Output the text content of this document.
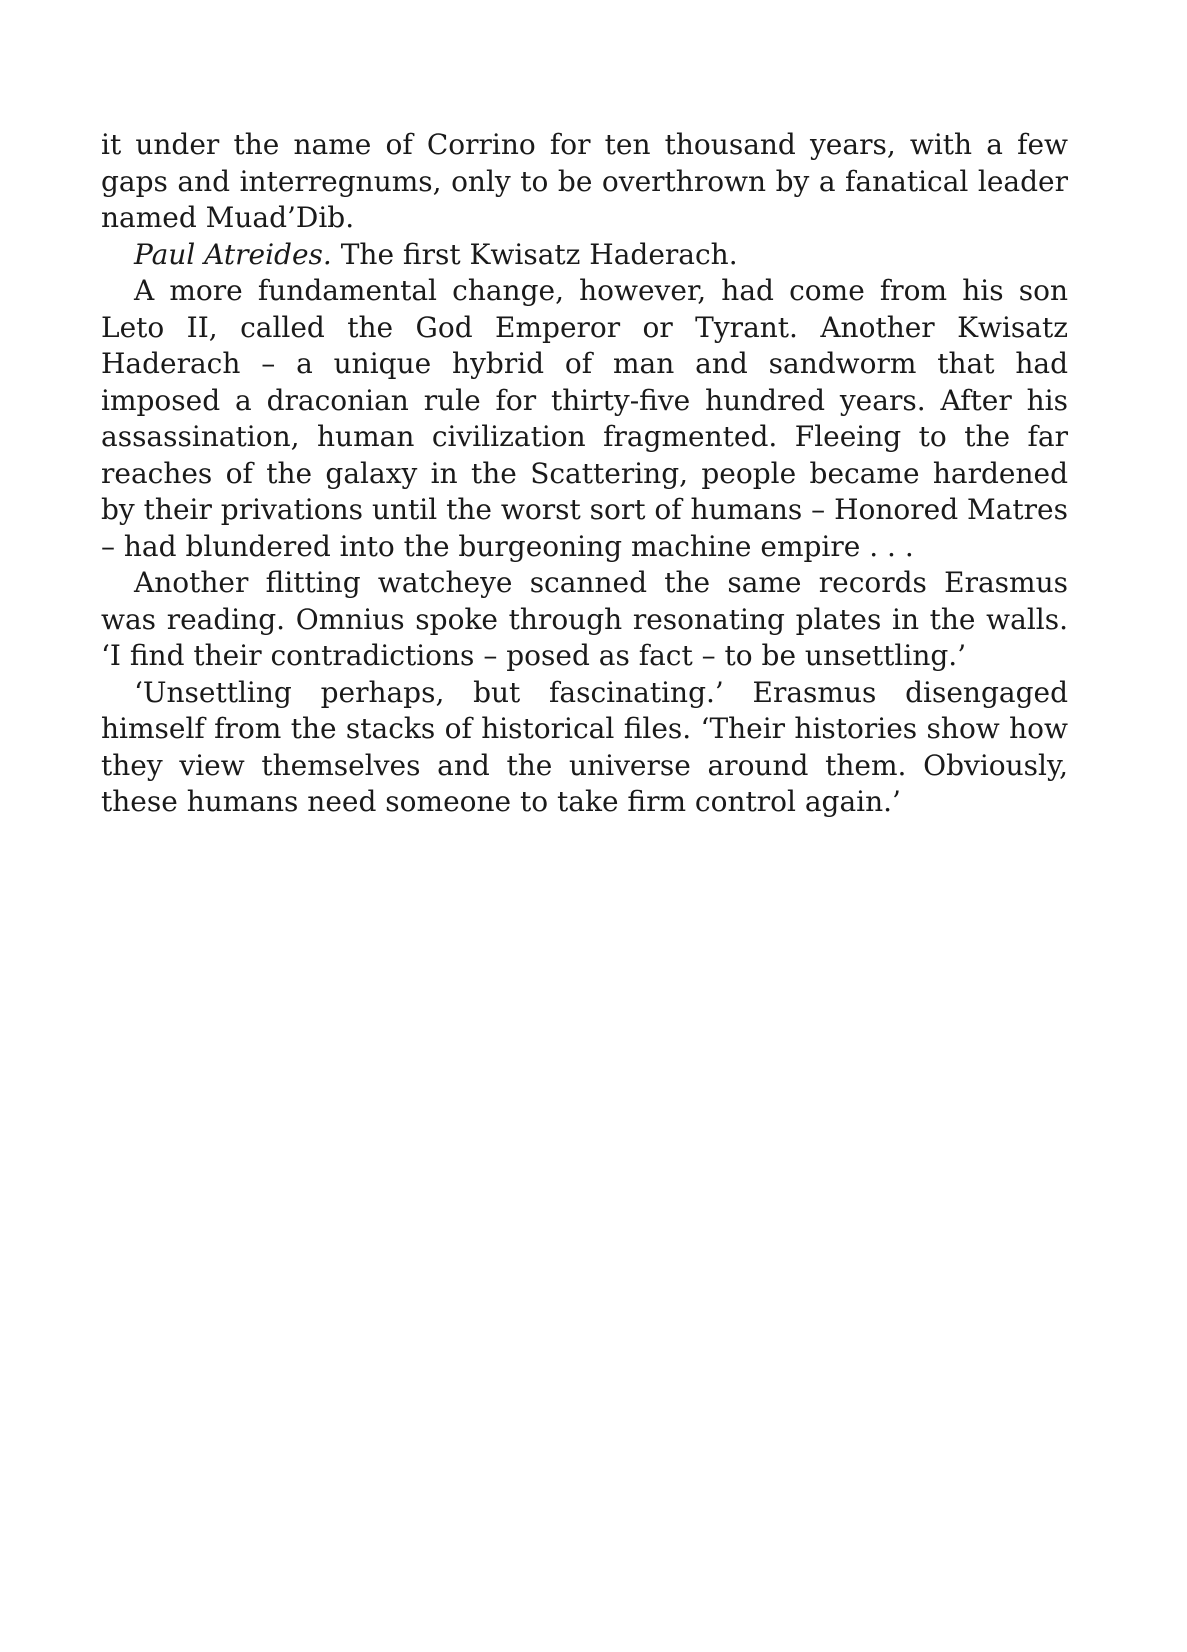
it under the name of Corrino for ten thousand years, with a few gaps and interregnums, only to be overthrown by a fanatical leader named Muad’Dib.

Paul Atreides. The first Kwisatz Haderach.

A more fundamental change, however, had come from his son Leto II, called the God Emperor or Tyrant. Another Kwisatz Haderach – a unique hybrid of man and sandworm that had imposed a draconian rule for thirty-five hundred years. After his assassination, human civilization fragmented. Fleeing to the far reaches of the galaxy in the Scattering, people became hardened by their privations until the worst sort of humans – Honored Matres – had blundered into the burgeoning machine empire . . .

Another flitting watcheye scanned the same records Erasmus was reading. Omnius spoke through resonating plates in the walls. ‘I find their contradictions – posed as fact – to be unsettling.’

‘Unsettling perhaps, but fascinating.’ Erasmus disengaged himself from the stacks of historical files. ‘Their histories show how they view themselves and the universe around them. Obviously, these humans need someone to take firm control again.’
